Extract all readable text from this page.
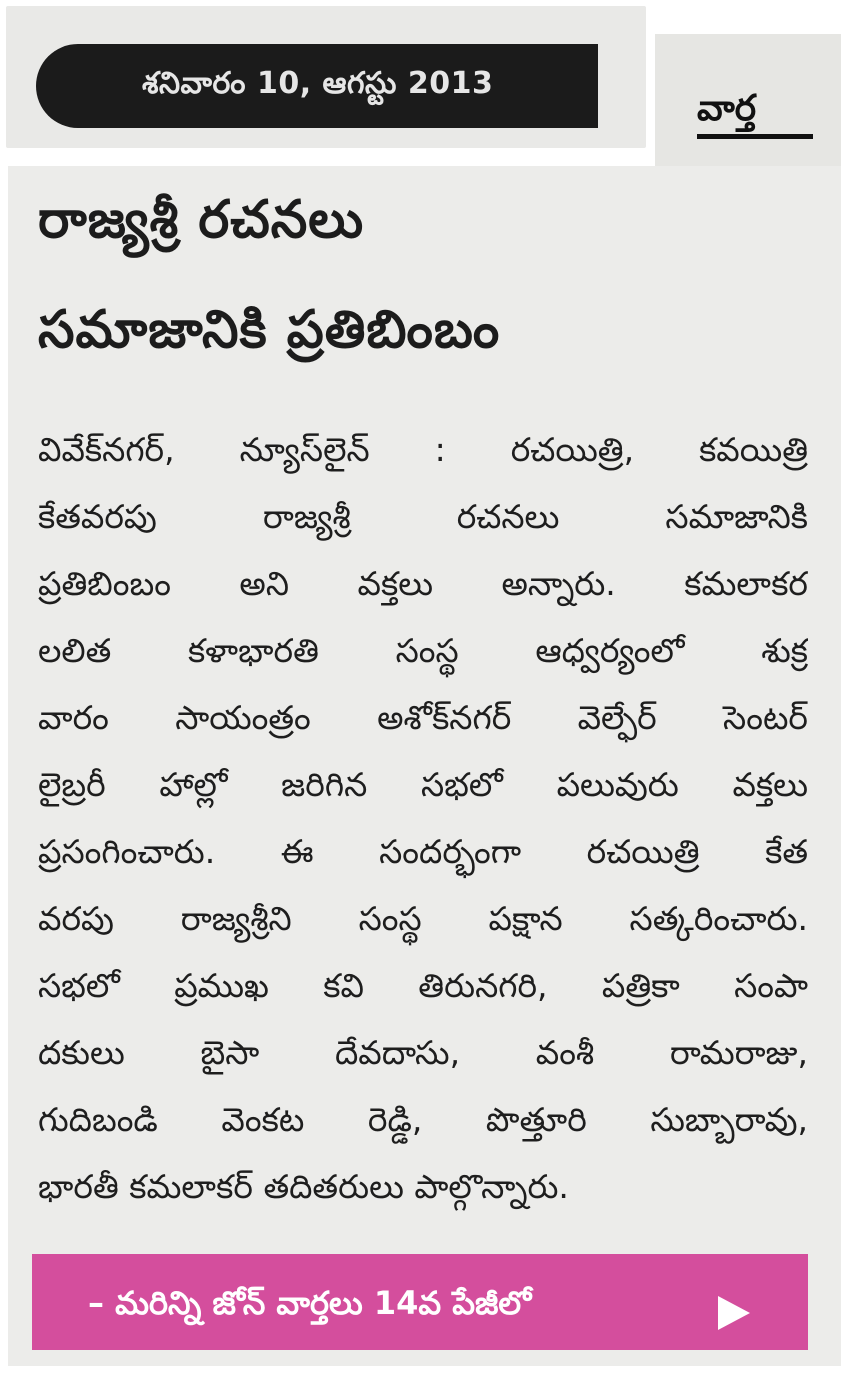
శనివారం 10, ఆగస్టు 2013
వార్త
రాజ్యశ్రీ రచనలు
సమాజానికి ప్రతిబింబం
వివేక్‌నగర్, న్యూస్‌లైన్ : రచయిత్రి, కవయిత్రి
కేతవరపు రాజ్యశ్రీ రచనలు సమాజానికి
ప్రతిబింబం అని వక్తలు అన్నారు. కమలాకర
లలిత కళాభారతి సంస్థ ఆధ్వర్యంలో శుక్ర
వారం సాయంత్రం అశోక్‌నగర్ వెల్ఫేర్ సెంటర్
లైబ్రరీ హాల్లో జరిగిన సభలో పలువురు వక్తలు
ప్రసంగించారు. ఈ సందర్భంగా రచయిత్రి కేత
వరపు రాజ్యశ్రీని సంస్థ పక్షాన సత్కరించారు.
సభలో ప్రముఖ కవి తిరునగరి, పత్రికా సంపా
దకులు బైసా దేవదాసు, వంశీ రామరాజు,
గుదిబండి వెంకట రెడ్డి, పొత్తూరి సుబ్బారావు,
– మరిన్ని జోన్ వార్తలు 14వ పేజీలో
భారతీ కమలాకర్ తదితరులు పాల్గొన్నారు.
